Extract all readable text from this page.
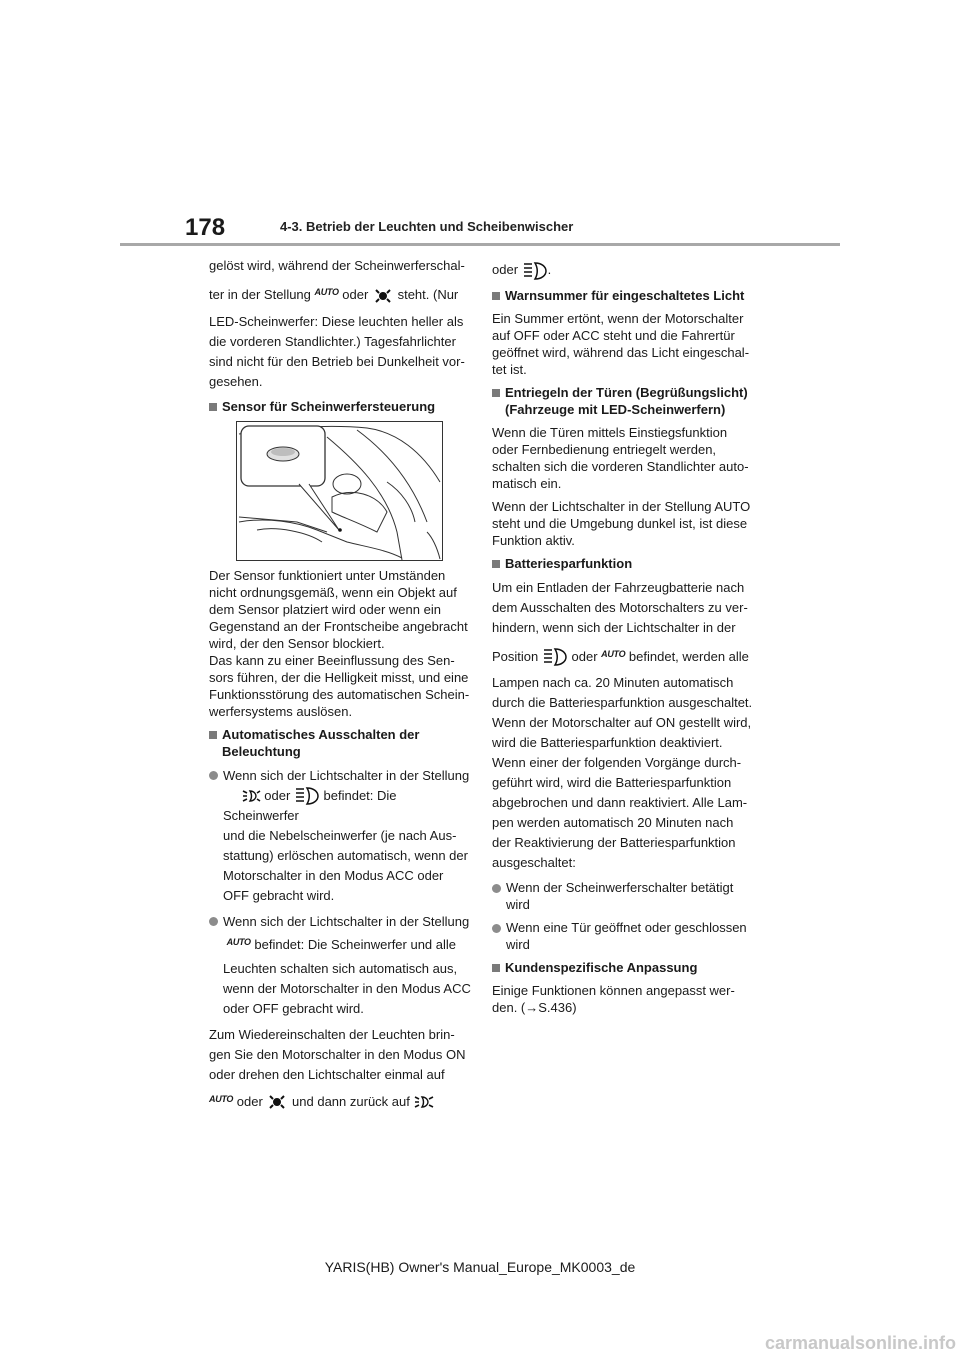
178	4-3. Betrieb der Leuchten und Scheibenwischer

gelöst wird, während der Scheinwerferschal-

ter in der Stellung AUTO oder steht. (Nur

LED-Scheinwerfer: Diese leuchten heller als die vorderen Standlichter.) Tagesfahrlichter sind nicht für den Betrieb bei Dunkelheit vor-gesehen.

Sensor für Scheinwerfersteuerung

Der Sensor funktioniert unter Umständen nicht ordnungsgemäß, wenn ein Objekt auf dem Sensor platziert wird oder wenn ein Gegenstand an der Frontscheibe angebracht wird, der den Sensor blockiert.

Das kann zu einer Beeinflussung des Sen-sors führen, der die Helligkeit misst, und eine Funktionsstörung des automatischen Schein-werfersystems auslösen.

Automatisches Ausschalten der Beleuchtung
Wenn sich der Lichtschalter in der Stellung
oder	befindet: Die Scheinwerfer
und die Nebelscheinwerfer (je nach Aus-stattung) erlöschen automatisch, wenn der Motorschalter in den Modus ACC oder OFF gebracht wird.
Wenn sich der Lichtschalter in der Stellung
AUTO befindet: Die Scheinwerfer und alle
Leuchten schalten sich automatisch aus, wenn der Motorschalter in den Modus ACC oder OFF gebracht wird.

Zum Wiedereinschalten der Leuchten brin-gen Sie den Motorschalter in den Modus ON oder drehen den Lichtschalter einmal auf

AUTO oder und dann zurück auf

oder .

Warnsummer für eingeschaltetes Licht

Ein Summer ertönt, wenn der Motorschalter auf OFF oder ACC steht und die Fahrertür geöffnet wird, während das Licht eingeschal-tet ist.

Entriegeln der Türen (Begrüßungslicht) (Fahrzeuge mit LED-Scheinwerfern)

Wenn die Türen mittels Einstiegsfunktion oder Fernbedienung entriegelt werden, schalten sich die vorderen Standlichter auto-matisch ein.

Wenn der Lichtschalter in der Stellung AUTO steht und die Umgebung dunkel ist, ist diese Funktion aktiv.

Batteriesparfunktion

Um ein Entladen der Fahrzeugbatterie nach dem Ausschalten des Motorschalters zu ver-hindern, wenn sich der Lichtschalter in der

Position	oder AUTO befindet, werden alle

Lampen nach ca. 20 Minuten automatisch durch die Batteriesparfunktion ausgeschaltet.

Wenn der Motorschalter auf ON gestellt wird, wird die Batteriesparfunktion deaktiviert.

Wenn einer der folgenden Vorgänge durch-geführt wird, wird die Batteriesparfunktion abgebrochen und dann reaktiviert. Alle Lam-pen werden automatisch 20 Minuten nach der Reaktivierung der Batteriesparfunktion ausgeschaltet:

Wenn der Scheinwerferschalter betätigt wird
Wenn eine Tür geöffnet oder geschlossen wird
Kundenspezifische Anpassung

Einige Funktionen können angepasst wer-den. (→S.436)

YARIS(HB) Owner's Manual_Europe_MK0003_de
carmanualsonline.info
